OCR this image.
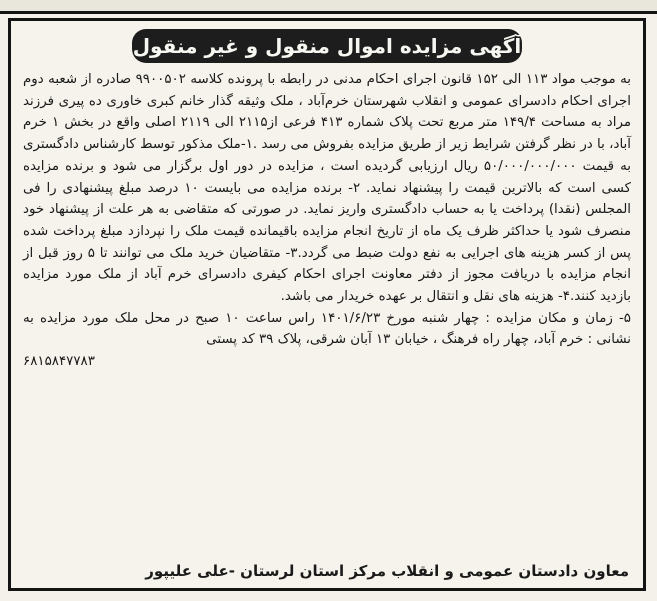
آگهی مزایده اموال منقول و غیر منقول

به موجب مواد ۱۱۳ الی ۱۵۲ قانون اجرای احکام مدنی در رابطه با پرونده کلاسه ۹۹۰۰۵۰۲ صادره از شعبه دوم اجرای احکام دادسرای عمومی و انقلاب شهرستان خرم‌آباد ، ملک وثیقه گذار خانم کبری خاوری ده پیری فرزند مراد به مساحت ۱۴۹/۴ متر مربع تحت پلاک شماره ۴۱۳ فرعی از۲۱۱۵ الی ۲۱۱۹ اصلی واقع در بخش ۱ خرم آباد، با در نظر گرفتن شرایط زیر از طریق مزایده بفروش می رسد .۱-ملک مذکور توسط کارشناس دادگستری به قیمت ۵۰/۰۰۰/۰۰۰/۰۰۰ ریال ارزیابی گردیده است ، مزایده در دور اول برگزار می شود و برنده مزایده کسی است که بالاترین قیمت را پیشنهاد نماید. ۲- برنده مزایده می بایست ۱۰ درصد مبلغ پیشنهادی را فی المجلس (نقدا) پرداخت یا به حساب دادگستری واریز نماید. در صورتی که متقاضی به هر علت از پیشنهاد خود منصرف شود یا حداکثر ظرف یک ماه از تاریخ انجام مزایده باقیمانده قیمت ملک را نپردازد مبلغ پرداخت شده پس از کسر هزینه های اجرایی به نفع دولت ضبط می گردد.۳- متقاضیان خرید ملک می توانند تا ۵ روز قبل از انجام مزایده با دریافت مجوز از دفتر معاونت اجرای احکام کیفری دادسرای خرم آباد از ملک مورد مزایده بازدید کنند.۴- هزینه های نقل و انتقال بر عهده خریدار می باشد.

۵- زمان و مکان مزایده : چهار شنبه مورخ ۱۴۰۱/۶/۲۳ راس ساعت ۱۰ صبح در محل ملک مورد مزایده به نشانی : خرم آباد، چهار راه فرهنگ ، خیابان ۱۳ آبان شرقی، پلاک ۳۹ کد پستی

۶۸۱۵۸۴۷۷۸۳

معاون دادستان عمومی و انقلاب مرکز استان لرستان -علی علیپور
